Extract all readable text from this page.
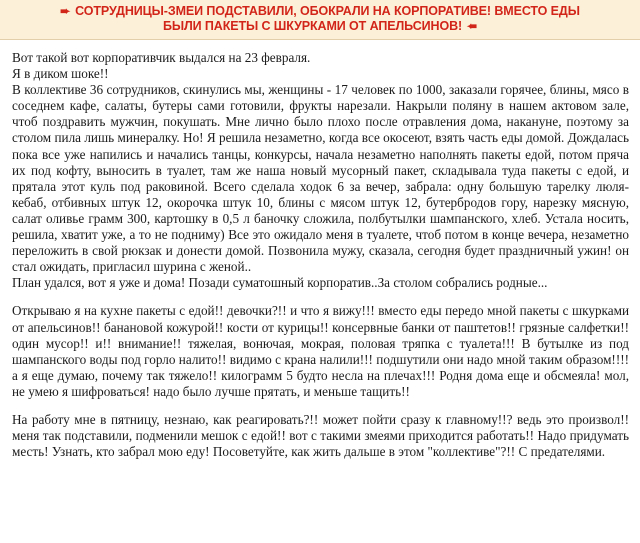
➨ СОТРУДНИЦЫ-ЗМЕИ ПОДСТАВИЛИ, ОБОКРАЛИ НА КОРПОРАТИВЕ! ВМЕСТО ЕДЫ
БЫЛИ ПАКЕТЫ С ШКУРКАМИ ОТ АПЕЛЬСИНОВ! ➨

Вот такой вот корпоративчик выдался на 23 февраля.

Я в диком шоке!!

В коллективе 36 сотрудников, скинулись мы, женщины - 17 человек по 1000, заказали горячее, блины, мясо в соседнем кафе, салаты, бутеры сами готовили, фрукты нарезали. Накрыли поляну в нашем актовом зале, чтоб поздравить мужчин, покушать. Мне лично было плохо после отравления дома, накануне, поэтому за столом пила лишь минералку. Но! Я решила незаметно, когда все окосеют, взять часть еды домой. Дождалась пока все уже напились и начались танцы, конкурсы, начала незаметно наполнять пакеты едой, потом пряча их под кофту, выносить в туалет, там же наша новый мусорный пакет, складывала туда пакеты с едой, и прятала этот куль под раковиной. Всего сделала ходок 6 за вечер, забрала: одну большую тарелку люля-кебаб, отбивных штук 12, окорочка штук 10, блины с мясом штук 12, бутербродов гору, нарезку мясную, салат оливье грамм 300, картошку в 0,5 л баночку сложила, полбутылки шампанского, хлеб. Устала носить, решила, хватит уже, а то не подниму) Все это ожидало меня в туалете, чтоб потом в конце вечера, незаметно переложить в свой рюкзак и донести домой. Позвонила мужу, сказала, сегодня будет праздничный ужин! он стал ожидать, пригласил шурина с женой..

План удался, вот я уже и дома! Позади суматошный корпоратив..За столом собрались родные...

Открываю я на кухне пакеты с едой!! девочки?!! и что я вижу!!! вместо еды передо мной пакеты с шкурками от апельсинов!! банановой кожурой!! кости от курицы!! консервные банки от паштетов!! грязные салфетки!! один мусор!! и!! внимание!! тяжелая, вонючая, мокрая, половая тряпка с туалета!!! В бутылке из под шампанского воды под горло налито!! видимо с крана налили!!! подшутили они надо мной таким образом!!!! а я еще думаю, почему так тяжело!! килограмм 5 будто несла на плечах!!! Родня дома еще и обсмеяла! мол, не умею я шифроваться! надо было лучше прятать, и меньше тащить!!

На работу мне в пятницу, незнаю, как реагировать?!! может пойти сразу к главному!!? ведь это произвол!! меня так подставили, подменили мешок с едой!! вот с такими змеями приходится работать!! Надо придумать месть! Узнать, кто забрал мою еду! Посоветуйте, как жить дальше в этом "коллективе"?!! С предателями.
